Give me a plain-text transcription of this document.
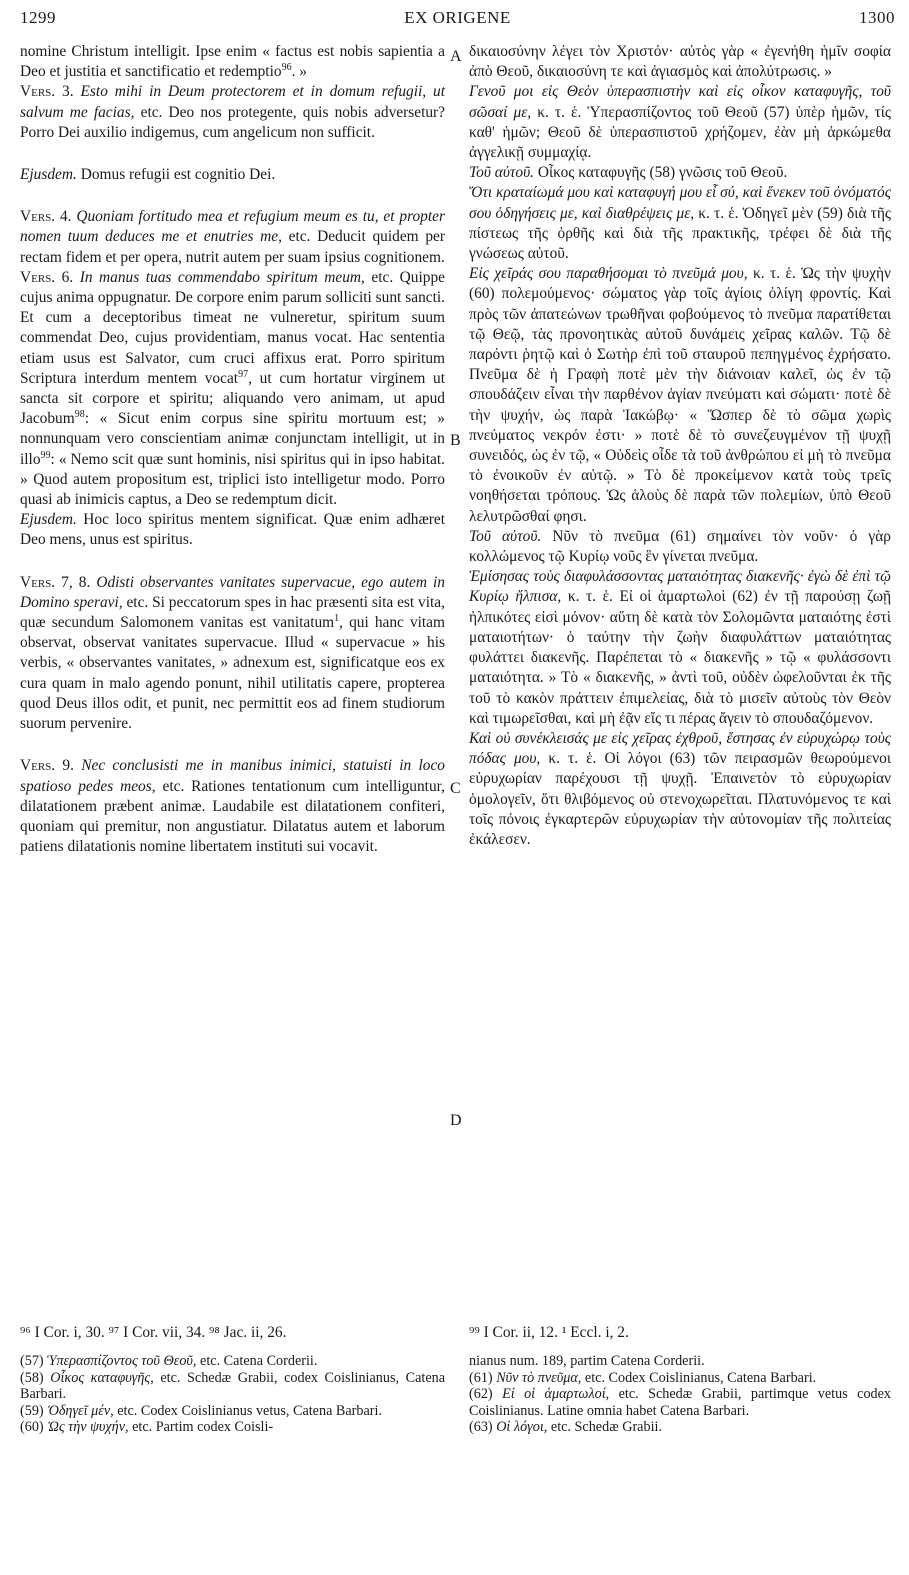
1299	EX ORIGENE	1300
A
B
C
D

nomine Christum intelligit. Ipse enim « factus est nobis sapientia a Deo et justitia et sanctificatio et redemptio$^{96}$. »

Vers. 3. Esto mihi in Deum protectorem et in domum refugii, ut salvum me facias, etc. Deo nos protegente, quis nobis adversetur? Porro Dei auxilio indigemus, cum angelicum non sufficit.

Ejusdem. Domus refugii est cognitio Dei.

Vers. 4. Quoniam fortitudo mea et refugium meum es tu, et propter nomen tuum deduces me et enutries me, etc. Deducit quidem per rectam fidem et per opera, nutrit autem per suam ipsius cognitionem.

Vers. 6. In manus tuas commendabo spiritum meum, etc. Quippe cujus anima oppugnatur. De corpore enim parum solliciti sunt sancti. Et cum a deceptoribus timeat ne vulneretur, spiritum suum commendat Deo, cujus providentiam, manus vocat. Hac sententia etiam usus est Salvator, cum cruci affixus erat. Porro spiritum Scriptura interdum mentem vocat$^{97}$, ut cum hortatur virginem ut sancta sit corpore et spiritu; aliquando vero animam, ut apud Jacobum$^{98}$: « Sicut enim corpus sine spiritu mortuum est; » nonnunquam vero conscientiam animæ conjunctam intelligit, ut in illo$^{99}$: « Nemo scit quæ sunt hominis, nisi spiritus qui in ipso habitat. » Quod autem propositum est, triplici isto intelligetur modo. Porro quasi ab inimicis captus, a Deo se redemptum dicit.

Ejusdem. Hoc loco spiritus mentem significat. Quæ enim adhæret Deo mens, unus est spiritus.

Vers. 7, 8. Odisti observantes vanitates supervacue, ego autem in Domino speravi, etc. Si peccatorum spes in hac præsenti sita est vita, quæ secundum Salomonem vanitas est vanitatum$^1$, qui hanc vitam observat, observat vanitates supervacue. Illud « supervacue » his verbis, « observantes vanitates, » adnexum est, significatque eos ex cura quam in malo agendo ponunt, nihil utilitatis capere, propterea quod Deus illos odit, et punit, nec permittit eos ad finem studiorum suorum pervenire.

Vers. 9. Nec conclusisti me in manibus inimici, statuisti in loco spatioso pedes meos, etc. Rationes tentationum cum intelliguntur, dilatationem præbent animæ. Laudabile est dilatationem confiteri, quoniam qui premitur, non angustiatur. Dilatatus autem et laborum patiens dilatationis nomine libertatem instituti sui vocavit.

δικαιοσύνην λέγει τὸν Χριστόν· αὐτὸς γὰρ « ἐγενήθη ἡμῖν σοφία ἀπὸ Θεοῦ, δικαιοσύνη τε καὶ ἁγιασμὸς καὶ ἀπολύτρωσις. »

Γενοῦ μοι εἰς Θεὸν ὑπερασπιστὴν καὶ εἰς οἶκον καταφυγῆς, τοῦ σῶσαί με, κ. τ. ἑ. Ὑπερασπίζοντος τοῦ Θεοῦ (57) ὑπὲρ ἡμῶν, τίς καθ' ἡμῶν; Θεοῦ δὲ ὑπερασπιστοῦ χρήζομεν, ἐὰν μὴ ἀρκώμεθα ἀγγελικῇ συμμαχίᾳ.

Τοῦ αὐτοῦ. Οἶκος καταφυγῆς (58) γνῶσις τοῦ Θεοῦ.

Ὅτι κραταίωμά μου καὶ καταφυγή μου εἶ σύ, καὶ ἕνεκεν τοῦ ὀνόματός σου ὁδηγήσεις με, καὶ διαθρέψεις με, κ. τ. ἑ. Ὁδηγεῖ μὲν (59) διὰ τῆς πίστεως τῆς ὀρθῆς καὶ διὰ τῆς πρακτικῆς, τρέφει δὲ διὰ τῆς γνώσεως αὐτοῦ.

Εἰς χεῖράς σου παραθήσομαι τὸ πνεῦμά μου, κ. τ. ἑ. Ὡς τὴν ψυχὴν (60) πολεμούμενος· σώματος γὰρ τοῖς ἁγίοις ὀλίγη φροντίς. Καὶ πρὸς τῶν ἀπατεώνων τρωθῆναι φοβούμενος τὸ πνεῦμα παρατίθεται τῷ Θεῷ, τὰς προνοητικὰς αὐτοῦ δυνάμεις χεῖρας καλῶν. Τῷ δὲ παρόντι ῥητῷ καὶ ὁ Σωτὴρ ἐπὶ τοῦ σταυροῦ πεπηγμένος ἐχρήσατο. Πνεῦμα δὲ ἡ Γραφὴ ποτὲ μὲν τὴν διάνοιαν καλεῖ, ὡς ἐν τῷ σπουδάζειν εἶναι τὴν παρθένον ἁγίαν πνεύματι καὶ σώματι· ποτὲ δὲ τὴν ψυχήν, ὡς παρὰ Ἰακώβῳ· « Ὥσπερ δὲ τὸ σῶμα χωρὶς πνεύματος νεκρόν ἐστι· » ποτὲ δὲ τὸ συνεζευγμένον τῇ ψυχῇ συνειδός, ὡς ἐν τῷ, « Οὐδεὶς οἶδε τὰ τοῦ ἀνθρώπου εἰ μὴ τὸ πνεῦμα τὸ ἐνοικοῦν ἐν αὐτῷ. » Τὸ δὲ προκείμενον κατὰ τοὺς τρεῖς νοηθήσεται τρόπους. Ὡς ἁλοὺς δὲ παρὰ τῶν πολεμίων, ὑπὸ Θεοῦ λελυτρῶσθαί φησι.

Τοῦ αὐτοῦ. Νῦν τὸ πνεῦμα (61) σημαίνει τὸν νοῦν· ὁ γὰρ κολλώμενος τῷ Κυρίῳ νοῦς ἓν γίνεται πνεῦμα.

Ἐμίσησας τοὺς διαφυλάσσοντας ματαιότητας διακενῆς· ἐγὼ δὲ ἐπὶ τῷ Κυρίῳ ἤλπισα, κ. τ. ἑ. Εἰ οἱ ἁμαρτωλοὶ (62) ἐν τῇ παρούσῃ ζωῇ ἠλπικότες εἰσὶ μόνον· αὕτη δὲ κατὰ τὸν Σολομῶντα ματαιότης ἐστὶ ματαιοτήτων· ὁ ταύτην τὴν ζωὴν διαφυλάττων ματαιότητας φυλάττει διακενῆς. Παρέπεται τὸ « διακενῆς » τῷ « φυλάσσοντι ματαιότητα. » Τὸ « διακενῆς, » ἀντὶ τοῦ, οὐδὲν ὠφελοῦνται ἐκ τῆς τοῦ τὸ κακὸν πράττειν ἐπιμελείας, διὰ τὸ μισεῖν αὐτοὺς τὸν Θεὸν καὶ τιμωρεῖσθαι, καὶ μὴ ἐᾷν εἴς τι πέρας ἄγειν τὸ σπουδαζόμενον.

Καὶ οὐ συνέκλεισάς με εἰς χεῖρας ἐχθροῦ, ἔστησας ἐν εὐρυχώρῳ τοὺς πόδας μου, κ. τ. ἑ. Οἱ λόγοι (63) τῶν πειρασμῶν θεωρούμενοι εὐρυχωρίαν παρέχουσι τῇ ψυχῇ. Ἐπαινετὸν τὸ εὐρυχωρίαν ὁμολογεῖν, ὅτι θλιβόμενος οὐ στενοχωρεῖται. Πλατυνόμενος τε καὶ τοῖς πόνοις ἐγκαρτερῶν εὐρυχωρίαν τὴν αὐτονομίαν τῆς πολιτείας ἐκάλεσεν.

⁹⁶ I Cor. i, 30. ⁹⁷ I Cor. vii, 34. ⁹⁸ Jac. ii, 26.	⁹⁹ I Cor. ii, 12. ¹ Eccl. i, 2.

(57) Ὑπερασπίζοντος τοῦ Θεοῦ, etc. Catena Corderii.

(58) Οἶκος καταφυγῆς, etc. Schedæ Grabii, codex Coislinianus, Catena Barbari.

(59) Ὁδηγεῖ μέν, etc. Codex Coislinianus vetus, Catena Barbari.

(60) Ὡς τὴν ψυχήν, etc. Partim codex Coisli-

nianus num. 189, partim Catena Corderii.

(61) Νῦν τὸ πνεῦμα, etc. Codex Coislinianus, Catena Barbari.

(62) Εἰ οἱ ἁμαρτωλοί, etc. Schedæ Grabii, partimque vetus codex Coislinianus. Latine omnia habet Catena Barbari.

(63) Οἱ λόγοι, etc. Schedæ Grabii.
